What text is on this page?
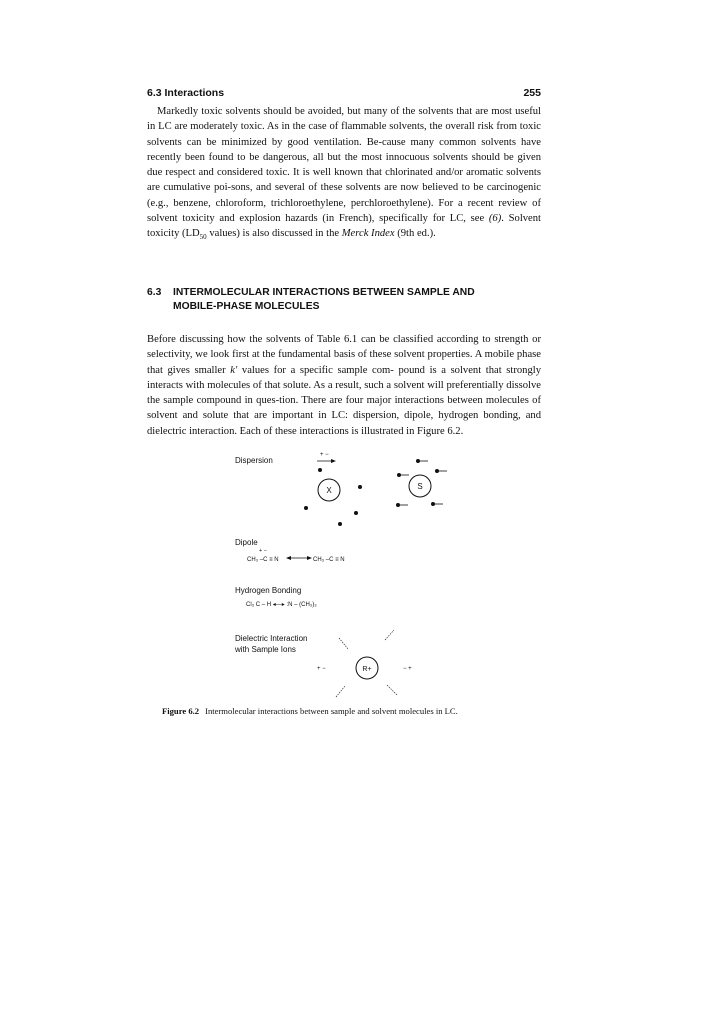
6.3 Interactions	255

Markedly toxic solvents should be avoided, but many of the solvents that are most useful in LC are moderately toxic. As in the case of flammable solvents, the overall risk from toxic solvents can be minimized by good ventilation. Be-cause many common solvents have recently been found to be dangerous, all but the most innocuous solvents should be given due respect and considered toxic. It is well known that chlorinated and/or aromatic solvents are cumulative poi-sons, and several of these solvents are now believed to be carcinogenic (e.g., benzene, chloroform, trichloroethylene, perchloroethylene). For a recent review of solvent toxicity and explosion hazards (in French), specifically for LC, see (6). Solvent toxicity ($LD_{50}$ values) is also discussed in the Merck Index (9th ed.).

6.3 INTERMOLECULAR INTERACTIONS BETWEEN SAMPLE AND
MOBILE-PHASE MOLECULES

Before discussing how the solvents of Table 6.1 can be classified according to strength or selectivity, we look first at the fundamental basis of these solvent properties. A mobile phase that gives smaller k′ values for a specific sample com- pound is a solvent that strongly interacts with molecules of that solute. As a result, such a solvent will preferentially dissolve the sample compound in ques-tion. There are four major interactions between molecules of solvent and solute that are important in LC: dispersion, dipole, hydrogen bonding, and dielectric interaction. Each of these interactions is illustrated in Figure 6.2.

Dispersion
+ −
X	S
Dipole
+ −
CH₃ –C ≡ N	CH₃ –C ≡ N
Hydrogen Bonding
Cl₃ C – H ◂—▸ :N – (CH₃)₃
Dielectric Interaction
with Sample Ions
R+
+ −	− +
Figure 6.2 Intermolecular interactions between sample and solvent molecules in LC.
